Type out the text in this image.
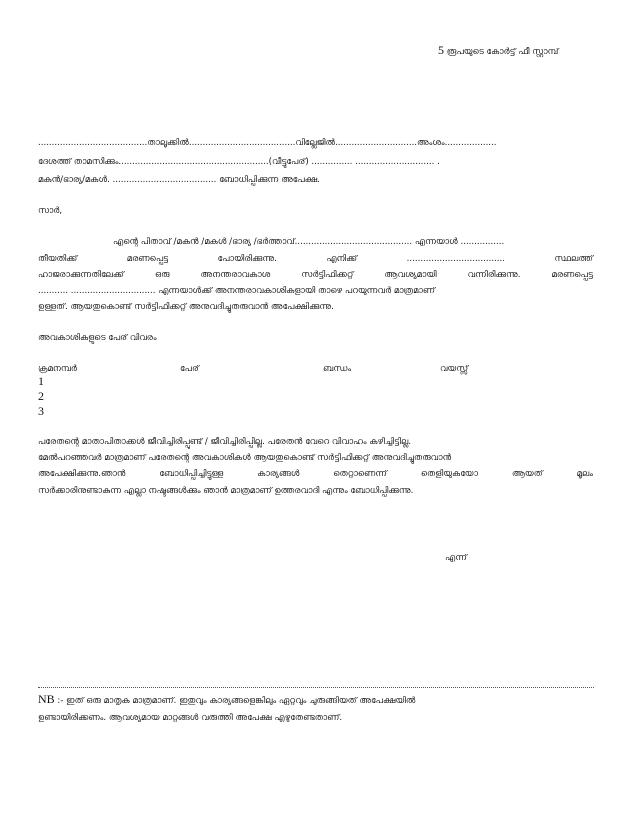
5 രൂപയുടെ കോർട്ട് ഫീ സ്റ്റാമ്പ്
........................................താലൂക്കിൽ.......................................വില്ലേജിൽ..............................അംശം...................
ദേശത്ത് താമസിക്കും.......................................................(വീട്ടുപേര്) ............... ............................. .
മകൻ/ഭാര്യ/മകൾ. ...................................... ബോധിപ്പിക്കുന്ന അപേക്ഷ.
സാർ,
എന്റെ പിതാവ് /മകൻ /മകൾ /ഭാര്യ /ഭർത്താവ്........................................... എന്നയാൾ ................
തീയതിക്ക്	മരണപ്പെട്ട	പോയിരിക്കുന്നു.	എനിക്ക്	....................................	സ്ഥലത്ത്
ഹാജരാക്കുന്നതിലേക്ക്	ഒരു	അനന്തരാവകാശ	സർട്ടിഫിക്കറ്റ്	ആവശ്യമായി	വന്നിരിക്കുന്നു.	മരണപ്പെട്ട
........... ............................... എന്നയാൾക്ക് അനന്തരാവകാശികളായി താഴെ പറയുന്നവർ മാത്രമാണ്
ഉള്ളത്. ആയതുകൊണ്ട് സർട്ടിഫിക്കറ്റ് അനുവദിച്ചുതരുവാൻ അപേക്ഷിക്കുന്നു.
അവകാശികളുടെ പേര് വിവരം
ക്രമനമ്പർ	പേര്	ബന്ധം	വയസ്സ്
1
2
3
പരേതന്റെ മാതാപിതാക്കൾ ജീവിച്ചിരിപ്പുണ്ട് / ജീവിച്ചിരിപ്പില്ല. പരേതൻ വേറെ വിവാഹം കഴിച്ചിട്ടില്ല.
മേൽപറഞ്ഞവർ മാത്രമാണ് പരേതന്റെ അവകാശികൾ ആയതുകൊണ്ട് സർട്ടിഫിക്കറ്റ് അനുവദിച്ചുതരുവാൻ
അപേക്ഷിക്കുന്നു.ഞാൻ	ബോധിപ്പിച്ചിട്ടുള്ള	കാര്യങ്ങൾ	തെറ്റാണെന്ന്	തെളിയുകയോ	ആയത്	മൂലം
സർക്കാരിനുണ്ടാകുന്ന എല്ലാ നഷ്ടങ്ങൾക്കും ഞാൻ മാത്രമാണ് ഉത്തരവാദി എന്നും ബോധിപ്പിക്കുന്നു.
എന്ന്
NB :- ഇത് ഒരു മാതൃക മാത്രമാണ്. ഇതുവും കാര്യങ്ങളെങ്കിലും ഏറ്റവും ചുരുങ്ങിയത് അപേക്ഷയിൽ
ഉണ്ടായിരിക്കണം. ആവശ്യമായ മാറ്റങ്ങൾ വരുത്തി അപേക്ഷ എഴുതേണ്ടതാണ്.
